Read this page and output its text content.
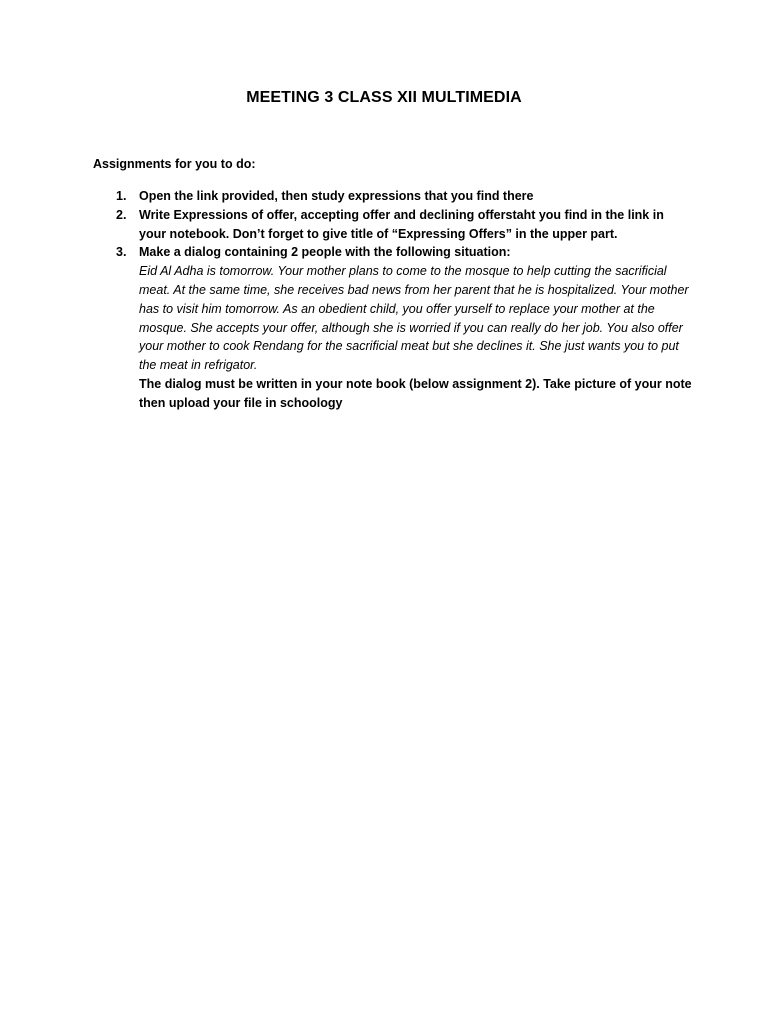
MEETING 3 CLASS XII MULTIMEDIA
Assignments for you to do:
1. Open the link provided, then study expressions that you find there

2. Write Expressions of offer, accepting offer and declining offerstaht you find in the link in your notebook. Don’t forget to give title of “Expressing Offers” in the upper part.

3. Make a dialog containing 2 people with the following situation:

Eid Al Adha is tomorrow. Your mother plans to come to the mosque to help cutting the sacrificial meat. At the same time, she receives bad news from her parent that he is hospitalized. Your mother has to visit him tomorrow. As an obedient child, you offer yurself to replace your mother at the mosque. She accepts your offer, although she is worried if you can really do her job. You also offer your mother to cook Rendang for the sacrificial meat but she declines it. She just wants you to put the meat in refrigator.

The dialog must be written in your note book (below assignment 2). Take picture of your note then upload your file in schoology
